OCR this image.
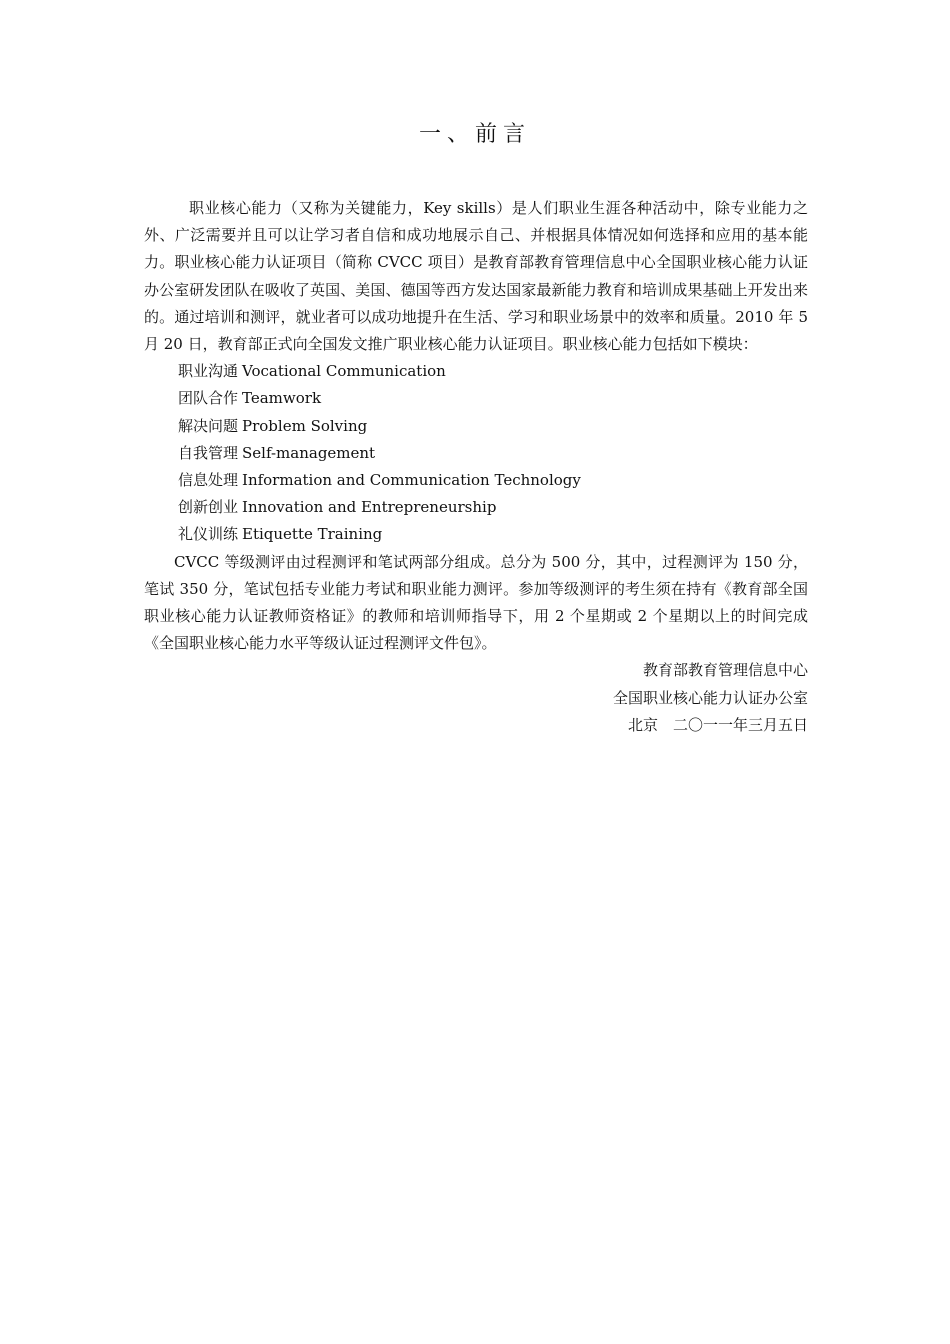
一、前言

职业核心能力（又称为关键能力，Key skills）是人们职业生涯各种活动中，除专业能力之外、广泛需要并且可以让学习者自信和成功地展示自己、并根据具体情况如何选择和应用的基本能力。职业核心能力认证项目（简称 CVCC 项目）是教育部教育管理信息中心全国职业核心能力认证办公室研发团队在吸收了英国、美国、德国等西方发达国家最新能力教育和培训成果基础上开发出来的。通过培训和测评，就业者可以成功地提升在生活、学习和职业场景中的效率和质量。2010 年 5 月 20 日，教育部正式向全国发文推广职业核心能力认证项目。职业核心能力包括如下模块：

职业沟通 Vocational Communication
团队合作 Teamwork
解决问题 Problem Solving
自我管理 Self-management
信息处理 Information and Communication Technology
创新创业 Innovation and Entrepreneurship
礼仪训练 Etiquette Training

CVCC 等级测评由过程测评和笔试两部分组成。总分为 500 分，其中，过程测评为 150 分，笔试 350 分，笔试包括专业能力考试和职业能力测评。参加等级测评的考生须在持有《教育部全国职业核心能力认证教师资格证》的教师和培训师指导下，用 2 个星期或 2 个星期以上的时间完成《全国职业核心能力水平等级认证过程测评文件包》。

教育部教育管理信息中心
全国职业核心能力认证办公室
北京　二〇一一年三月五日
